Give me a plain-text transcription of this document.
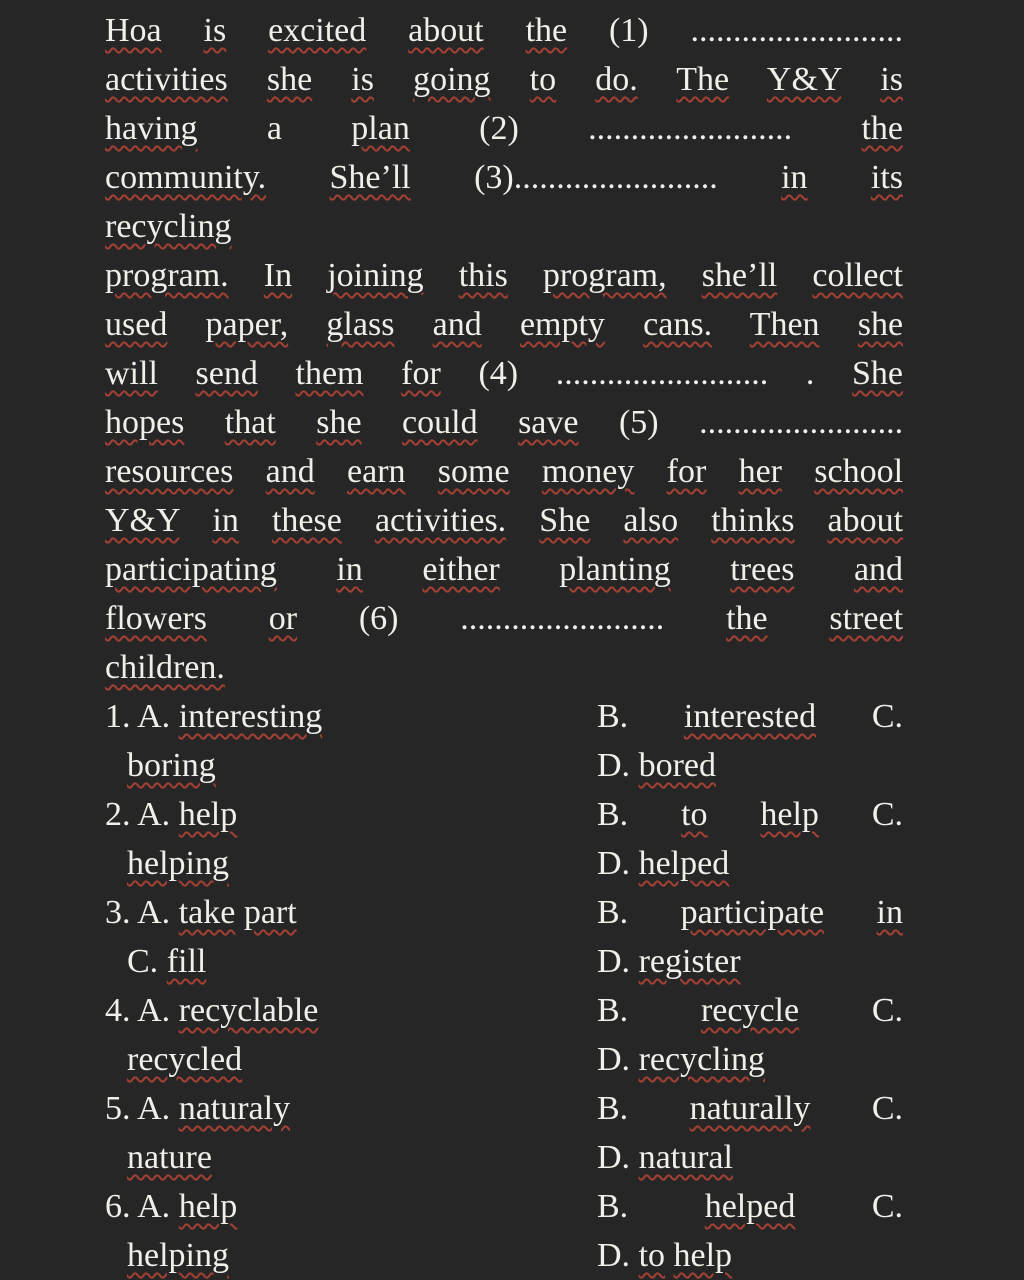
Hoa is excited about the (1) .........................
activities she is going to do. The Y&Y is
having a plan (2) ........................ the
community. She’ll (3)........................ in its
recycling
program. In joining this program, she’ll collect
used paper, glass and empty cans. Then she
will send them for (4) ......................... . She
hopes that she could save (5) ........................
resources and earn some money for her school
Y&Y in these activities. She also thinks about
participating in either planting trees and
flowers or (6) ........................ the street
children.
1. A. interesting	B. interested C.
boring	D. bored
2. A. help	B. to help C.
helping	D. helped
3. A. take part	B. participate in
C. fill	D. register
4. A. recyclable	B. recycle C.
recycled	D. recycling
5. A. naturaly	B. naturally C.
nature	D. natural
6. A. help	B. helped C.
helping	D. to help
